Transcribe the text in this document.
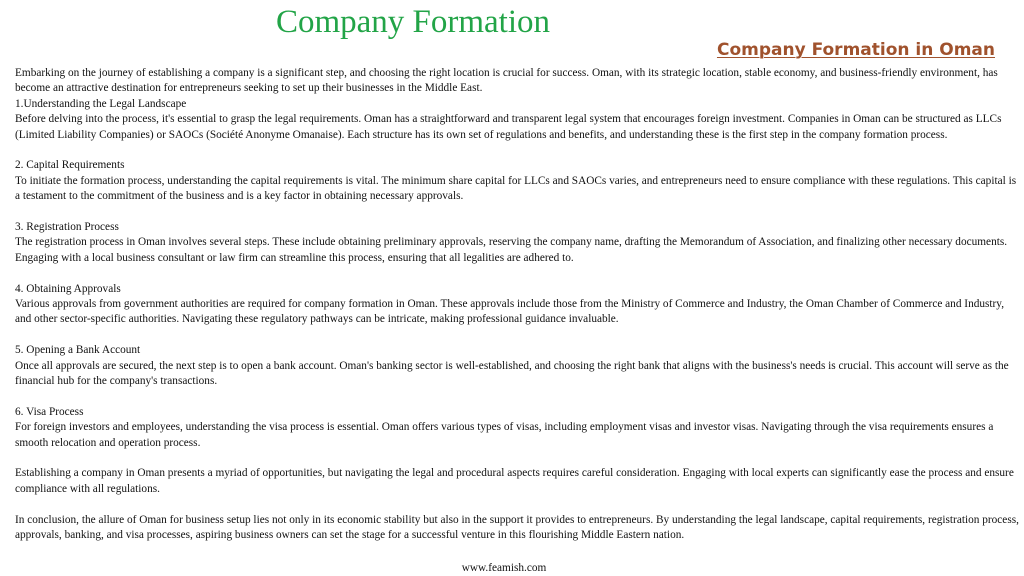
Company Formation
Company Formation in Oman

Embarking on the journey of establishing a company is a significant step, and choosing the right location is crucial for success. Oman, with its strategic location, stable economy, and business-friendly environment, has become an attractive destination for entrepreneurs seeking to set up their businesses in the Middle East.

1.Understanding the Legal Landscape

Before delving into the process, it's essential to grasp the legal requirements. Oman has a straightforward and transparent legal system that encourages foreign investment. Companies in Oman can be structured as LLCs (Limited Liability Companies) or SAOCs (Société Anonyme Omanaise). Each structure has its own set of regulations and benefits, and understanding these is the first step in the company formation process.

2. Capital Requirements

To initiate the formation process, understanding the capital requirements is vital. The minimum share capital for LLCs and SAOCs varies, and entrepreneurs need to ensure compliance with these regulations. This capital is a testament to the commitment of the business and is a key factor in obtaining necessary approvals.

3. Registration Process

The registration process in Oman involves several steps. These include obtaining preliminary approvals, reserving the company name, drafting the Memorandum of Association, and finalizing other necessary documents. Engaging with a local business consultant or law firm can streamline this process, ensuring that all legalities are adhered to.

4. Obtaining Approvals

Various approvals from government authorities are required for company formation in Oman. These approvals include those from the Ministry of Commerce and Industry, the Oman Chamber of Commerce and Industry, and other sector-specific authorities. Navigating these regulatory pathways can be intricate, making professional guidance invaluable.

5. Opening a Bank Account

Once all approvals are secured, the next step is to open a bank account. Oman's banking sector is well-established, and choosing the right bank that aligns with the business's needs is crucial. This account will serve as the financial hub for the company's transactions.

6. Visa Process

For foreign investors and employees, understanding the visa process is essential. Oman offers various types of visas, including employment visas and investor visas. Navigating through the visa requirements ensures a smooth relocation and operation process.

Establishing a company in Oman presents a myriad of opportunities, but navigating the legal and procedural aspects requires careful consideration. Engaging with local experts can significantly ease the process and ensure compliance with all regulations.

In conclusion, the allure of Oman for business setup lies not only in its economic stability but also in the support it provides to entrepreneurs. By understanding the legal landscape, capital requirements, registration process, approvals, banking, and visa processes, aspiring business owners can set the stage for a successful venture in this flourishing Middle Eastern nation.

www.feamish.com
